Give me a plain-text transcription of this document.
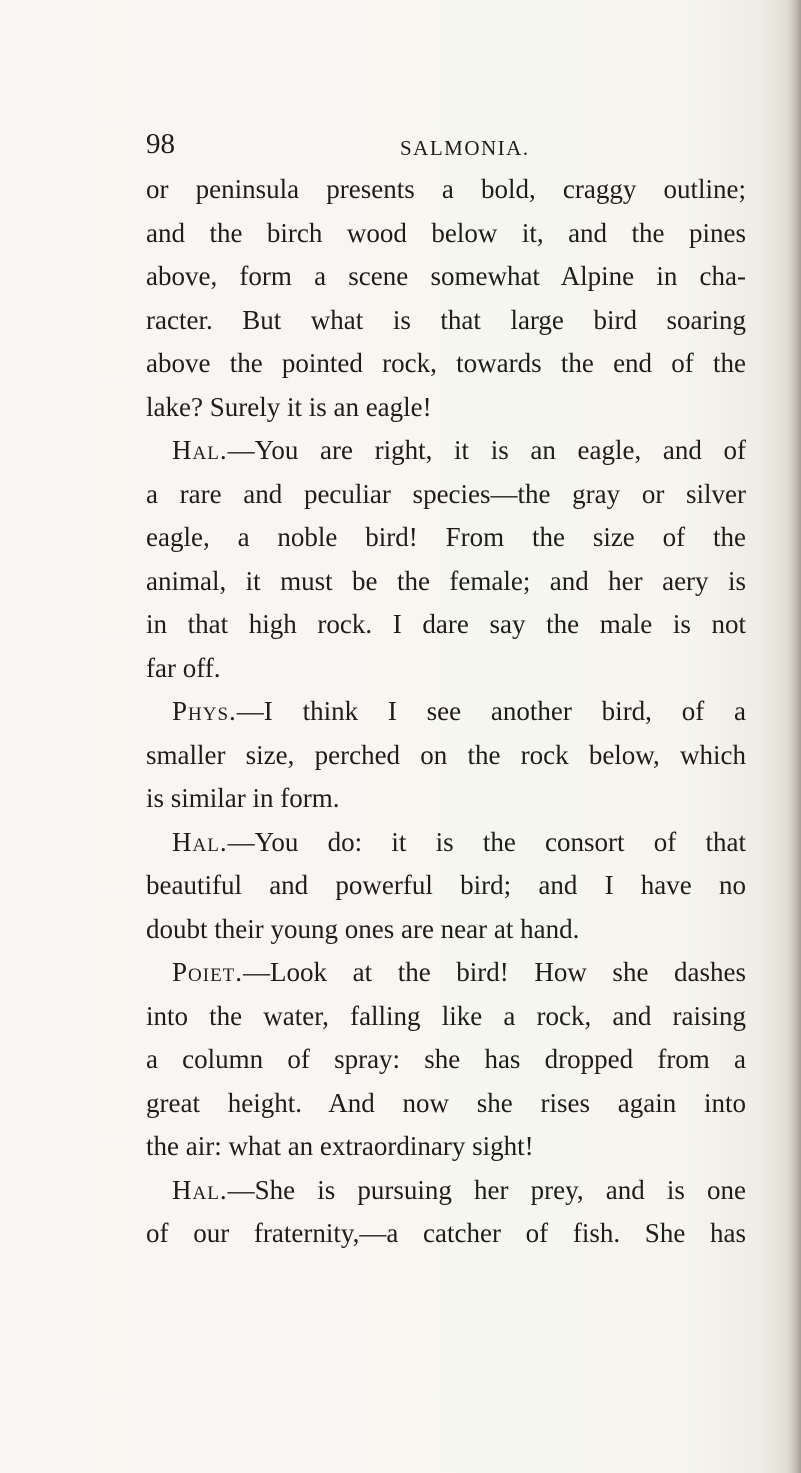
98	SALMONIA.
or peninsula presents a bold, craggy outline;
and the birch wood below it, and the pines
above, form a scene somewhat Alpine in cha-
racter. But what is that large bird soaring
above the pointed rock, towards the end of the
lake? Surely it is an eagle!
Hal.—You are right, it is an eagle, and of
a rare and peculiar species—the gray or silver
eagle, a noble bird! From the size of the
animal, it must be the female; and her aery is
in that high rock. I dare say the male is not
far off.
Phys.—I think I see another bird, of a
smaller size, perched on the rock below, which
is similar in form.
Hal.—You do: it is the consort of that
beautiful and powerful bird; and I have no
doubt their young ones are near at hand.
Poiet.—Look at the bird! How she dashes
into the water, falling like a rock, and raising
a column of spray: she has dropped from a
great height. And now she rises again into
the air: what an extraordinary sight!
Hal.—She is pursuing her prey, and is one
of our fraternity,—a catcher of fish. She has
